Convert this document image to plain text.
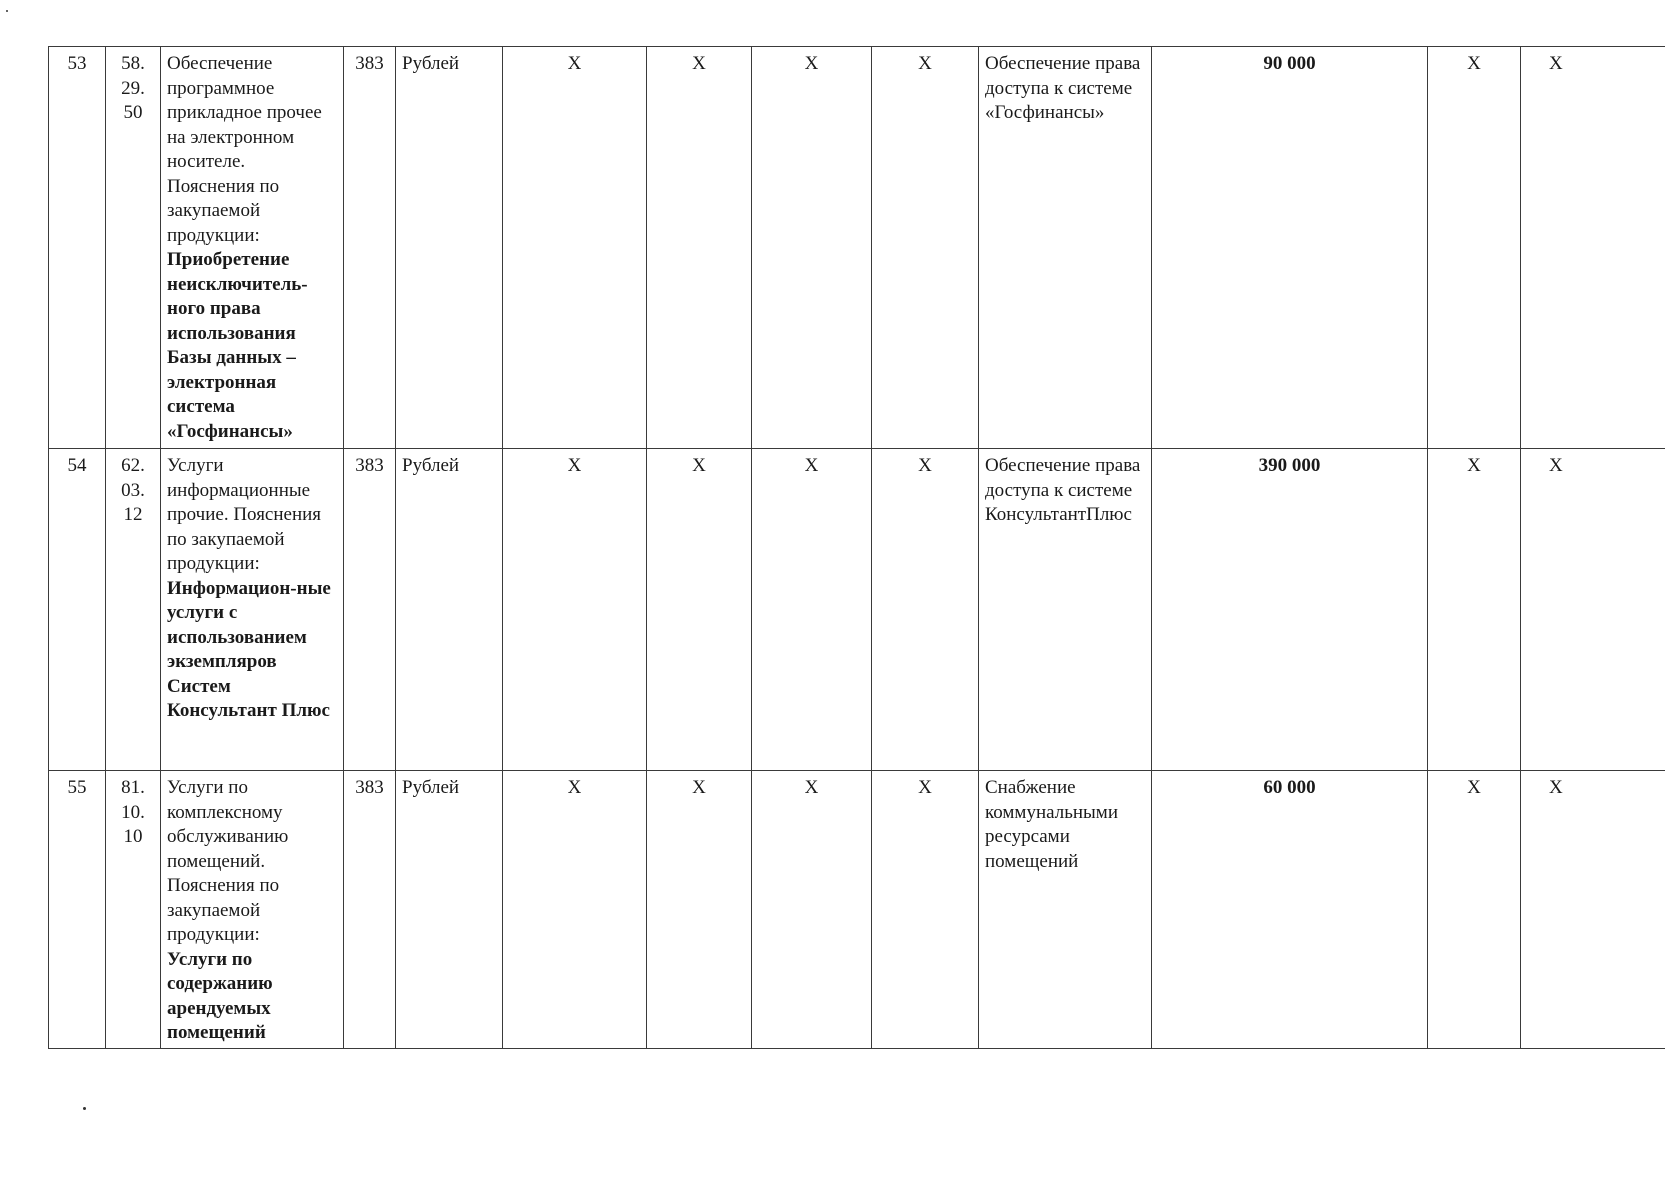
53	58.
29.
50	Обеспечение программное прикладное прочее на электронном носителе. Пояснения по закупаемой продукции:
Приобретение неисключитель-ного права использования Базы данных – электронная система «Госфинансы»	383	Рублей	Х	Х	Х	Х	Обеспечение права доступа к системе «Госфинансы»	90 000	Х	Х
54	62.
03.
12	Услуги информационные прочие. Пояснения по закупаемой продукции:
Информацион-ные услуги с использованием экземпляров Систем Консультант Плюс	383	Рублей	Х	Х	Х	Х	Обеспечение права доступа к системе КонсультантПлюс	390 000	Х	Х
55	81.
10.
10	Услуги по комплексному обслуживанию помещений. Пояснения по закупаемой продукции:
Услуги по содержанию арендуемых помещений	383	Рублей	Х	Х	Х	Х	Снабжение коммунальными ресурсами помещений	60 000	Х	Х
